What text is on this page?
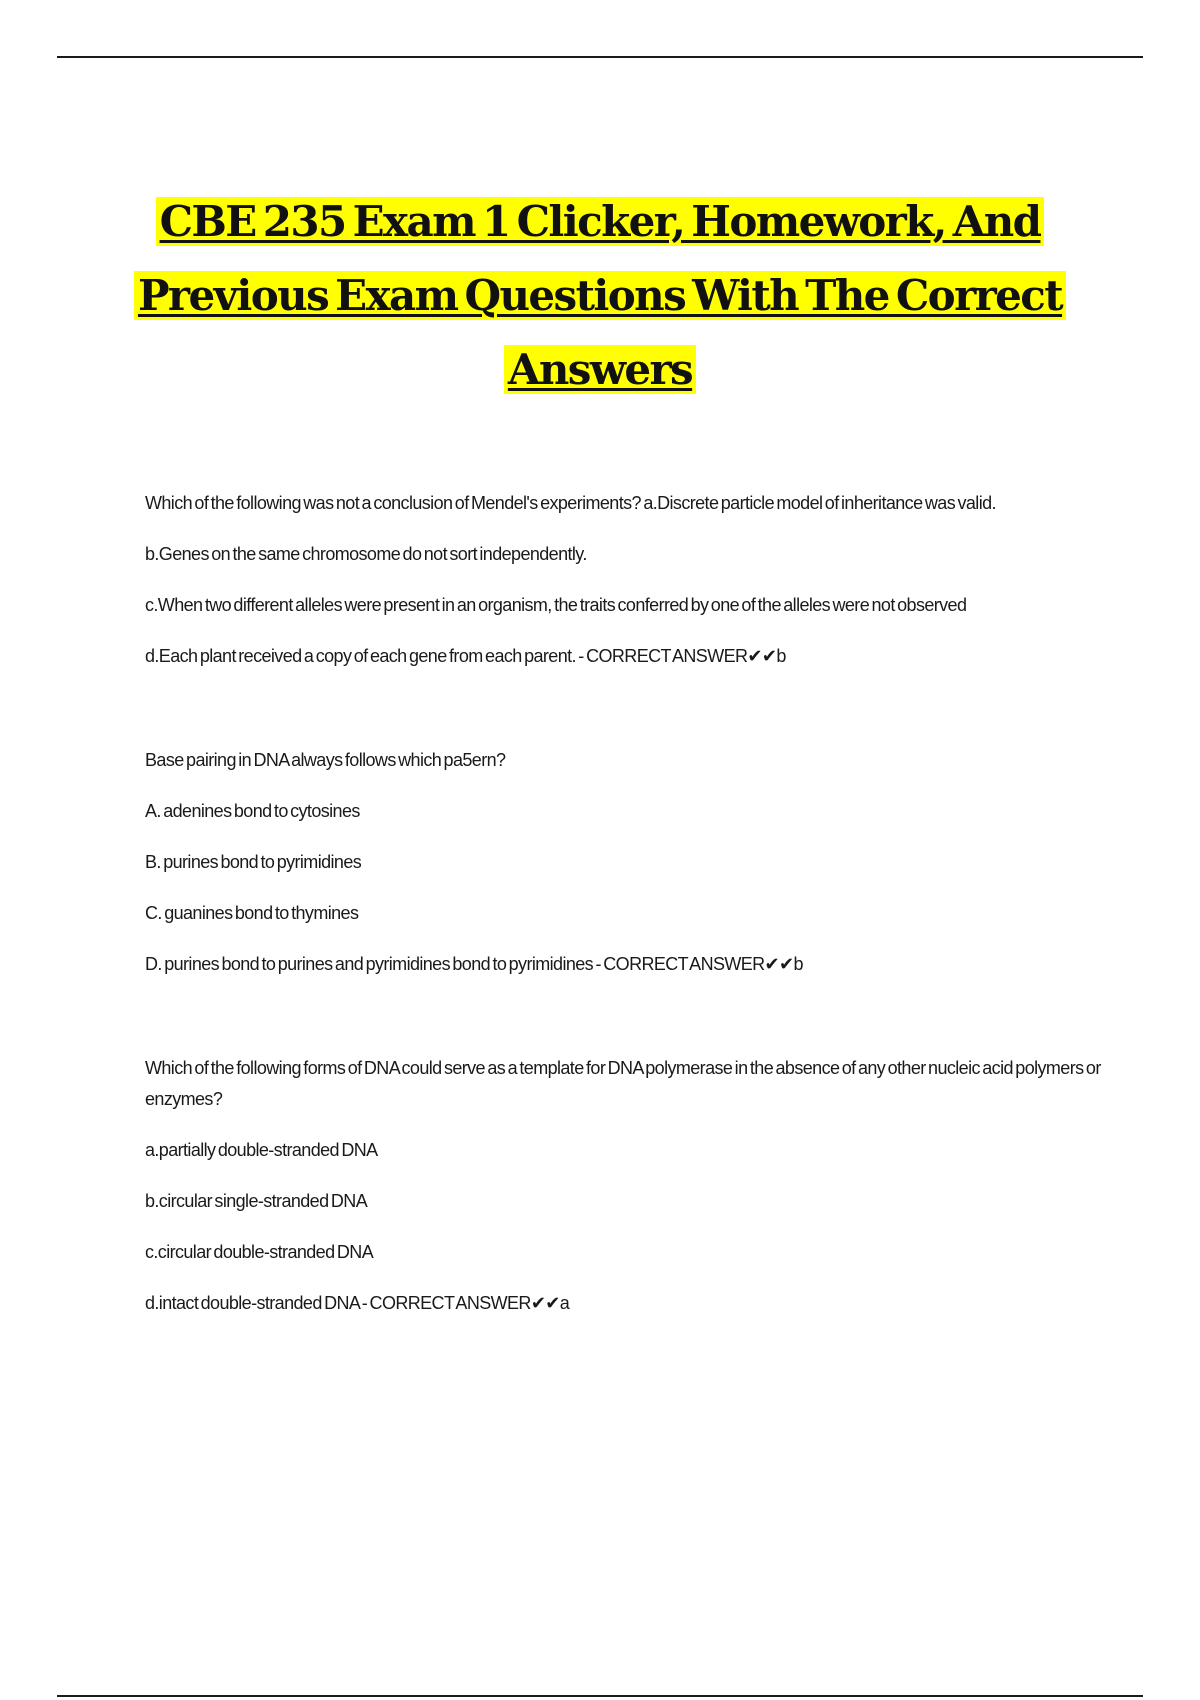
CBE 235 Exam 1 Clicker, Homework, And
Previous Exam Questions With The Correct
Answers

Which of the following was not a conclusion of Mendel's experiments? a.Discrete particle model of inheritance was valid.

b.Genes on the same chromosome do not sort independently.

c.When two different alleles were present in an organism, the traits conferred by one of the alleles were not observed

d.Each plant received a copy of each gene from each parent. - CORRECT ANSWER✔✔b

Base pairing in DNA always follows which pa5ern?

A. adenines bond to cytosines

B. purines bond to pyrimidines

C. guanines bond to thymines

D. purines bond to purines and pyrimidines bond to pyrimidines - CORRECT ANSWER✔✔b

Which of the following forms of DNA could serve as a template for DNA polymerase in the absence of any other nucleic acid polymers or enzymes?

a.partially double-stranded DNA

b.circular single-stranded DNA

c.circular double-stranded DNA

d.intact double-stranded DNA - CORRECT ANSWER✔✔a
